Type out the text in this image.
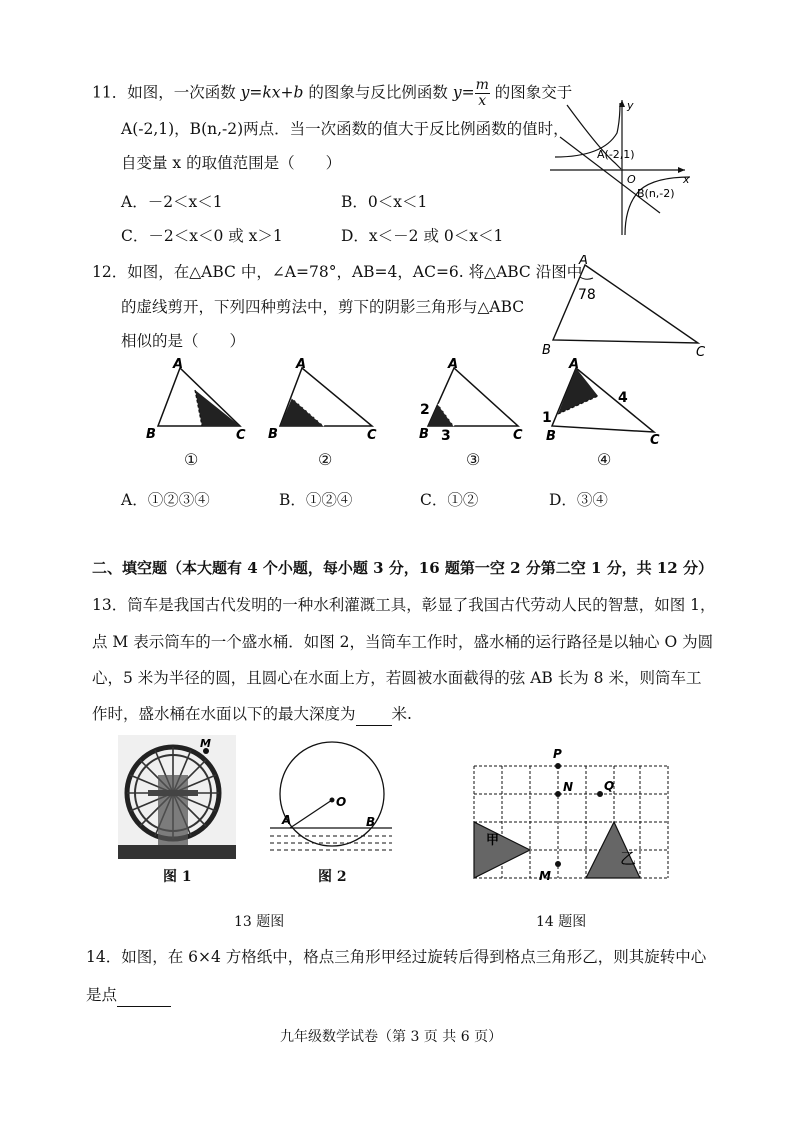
11．如图，一次函数 y=kx+b 的图象与反比例函数 $y= \frac{m}{x}$ 的图象交于
A(-2,1)，B(n,-2)两点．当一次函数的值大于反比例函数的值时，
自变量 x 的取值范围是（　　）
A．－2＜x＜1	B．0＜x＜1
C．－2＜x＜0 或 x＞1	D．x＜－2 或 0＜x＜1
A(-2,1)
O
B(n,-2)
x
y
12．如图，在△ABC 中，∠A=78°，AB=4，AC=6. 将△ABC 沿图中
的虚线剪开，下列四种剪法中，剪下的阴影三角形与△ABC
相似的是（　　）
A
78
B	C
A
B	C
①
A
B	C
②
A
B	C
2
3
③
A
B	C
1
4
④
A．①②③④	B．①②④	C．①②	D．③④
二、填空题（本大题有 4 个小题，每小题 3 分，16 题第一空 2 分第二空 1 分，共 12 分）
13．筒车是我国古代发明的一种水利灌溉工具，彰显了我国古代劳动人民的智慧，如图 1，
点 M 表示筒车的一个盛水桶．如图 2，当筒车工作时，盛水桶的运行路径是以轴心 O 为圆
心，5 米为半径的圆，且圆心在水面上方，若圆被水面截得的弦 AB 长为 8 米，则筒车工
作时，盛水桶在水面以下的最大深度为 米.
M
图 1
O
A	B
图 2
13 题图
甲
乙
P
N	Q
M
14 题图
14．如图，在 6×4 方格纸中，格点三角形甲经过旋转后得到格点三角形乙，则其旋转中心
是点
九年级数学试卷（第 3 页 共 6 页）
